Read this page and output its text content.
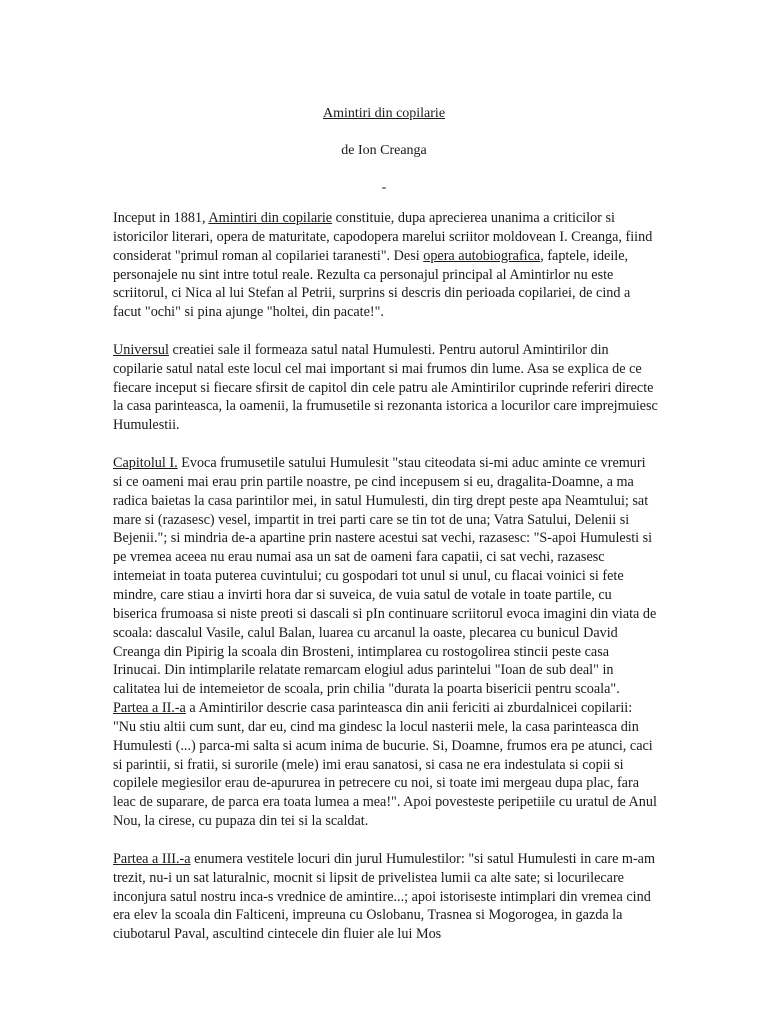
Amintiri din copilarie
de Ion Creanga
-

Inceput in 1881, Amintiri din copilarie constituie, dupa aprecierea unanima a criticilor si istoricilor literari, opera de maturitate, capodopera marelui scriitor moldovean I. Creanga, fiind considerat "primul roman al copilariei taranesti". Desi opera autobiografica, faptele, ideile, personajele nu sint intre totul reale. Rezulta ca personajul principal al Amintirlor nu este scriitorul, ci Nica al lui Stefan al Petrii, surprins si descris din perioada copilariei, de cind a facut "ochi" si pina ajunge "holtei, din pacate!".

Universul creatiei sale il formeaza satul natal Humulesti. Pentru autorul Amintirilor din copilarie satul natal este locul cel mai important si mai frumos din lume. Asa se explica de ce fiecare inceput si fiecare sfirsit de capitol din cele patru ale Amintirilor cuprinde referiri directe la casa parinteasca, la oamenii, la frumusetile si rezonanta istorica a locurilor care imprejmuiesc Humulestii.

Capitolul I. Evoca frumusetile satului Humulesit "stau citeodata si-mi aduc aminte ce vremuri si ce oameni mai erau prin partile noastre, pe cind incepusem si eu, dragalita-Doamne, a ma radica baietas la casa parintilor mei, in satul Humulesti, din tirg drept peste apa Neamtului; sat mare si (razasesc) vesel, impartit in trei parti care se tin tot de una; Vatra Satului, Delenii si Bejenii."; si mindria de-a apartine prin nastere acestui sat vechi, razasesc: "S-apoi Humulesti si pe vremea aceea nu erau numai asa un sat de oameni fara capatii, ci sat vechi, razasesc intemeiat in toata puterea cuvintului; cu gospodari tot unul si unul, cu flacai voinici si fete mindre, care stiau a invirti hora dar si suveica, de vuia satul de votale in toate partile, cu biserica frumoasa si niste preoti si dascali si pIn continuare scriitorul evoca imagini din viata de scoala: dascalul Vasile, calul Balan, luarea cu arcanul la oaste, plecarea cu bunicul David Creanga din Pipirig la scoala din Brosteni, intimplarea cu rostogolirea stincii peste casa Irinucai. Din intimplarile relatate remarcam elogiul adus parintelui "Ioan de sub deal" in calitatea lui de intemeietor de scoala, prin chilia "durata la poarta bisericii pentru scoala". Partea a II.-a a Amintirilor descrie casa parinteasca din anii fericiti ai zburdalnicei copilarii: "Nu stiu altii cum sunt, dar eu, cind ma gindesc la locul nasterii mele, la casa parinteasca din Humulesti (...) parca-mi salta si acum inima de bucurie. Si, Doamne, frumos era pe atunci, caci si parintii, si fratii, si surorile (mele) imi erau sanatosi, si casa ne era indestulata si copii si copilele megiesilor erau de-apururea in petrecere cu noi, si toate imi mergeau dupa plac, fara leac de suparare, de parca era toata lumea a mea!". Apoi povesteste peripetiile cu uratul de Anul Nou, la cirese, cu pupaza din tei si la scaldat.

Partea a III.-a enumera vestitele locuri din jurul Humulestilor: "si satul Humulesti in care m-am trezit, nu-i un sat laturalnic, mocnit si lipsit de privelistea lumii ca alte sate; si locurilecare inconjura satul nostru inca-s vrednice de amintire...; apoi istoriseste intimplari din vremea cind era elev la scoala din Falticeni, impreuna cu Oslobanu, Trasnea si Mogorogea, in gazda la ciubotarul Paval, ascultind cintecele din fluier ale lui Mos
